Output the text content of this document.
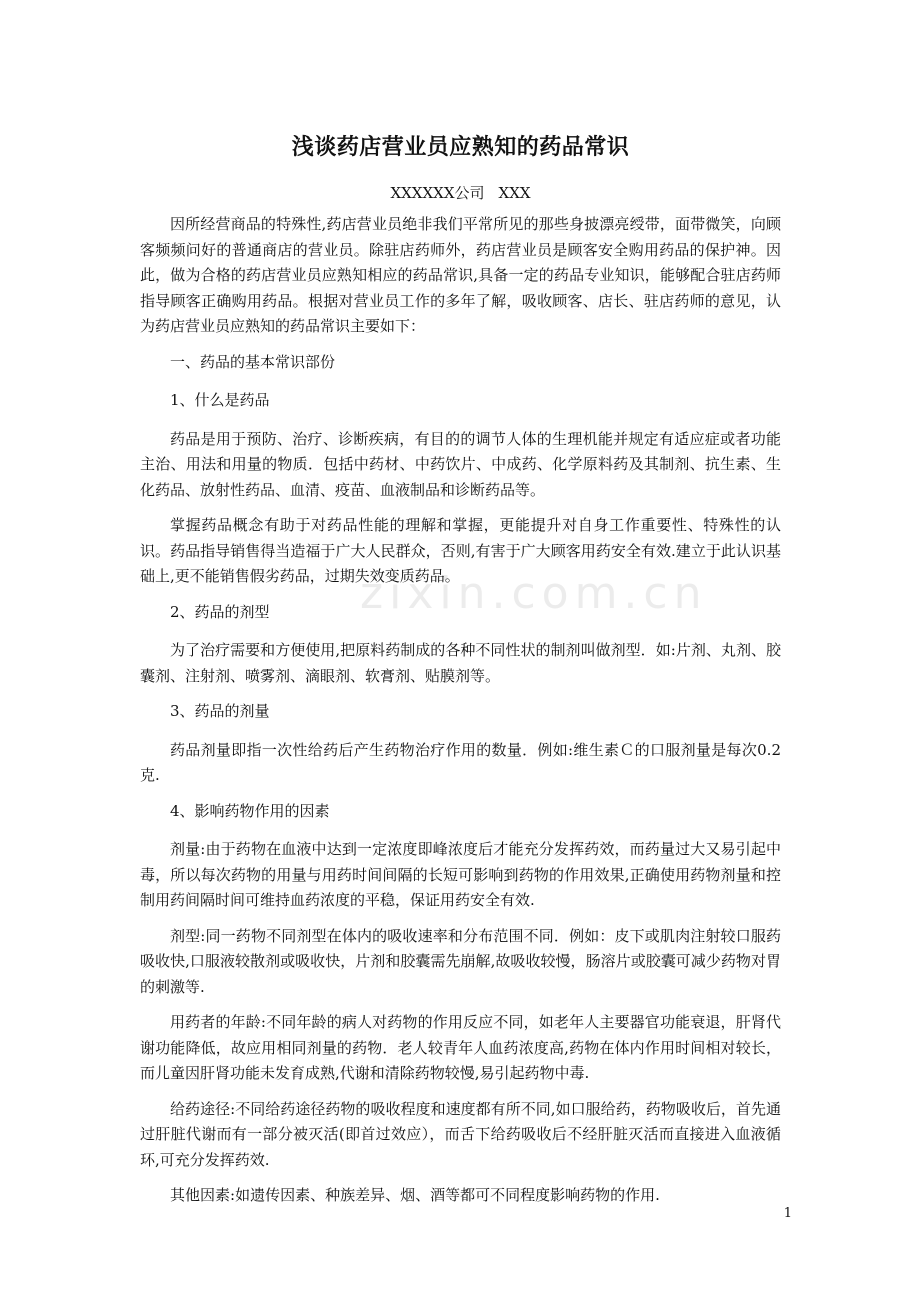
zixin.com.cn
浅谈药店营业员应熟知的药品常识
XXXXXX公司 XXX

因所经营商品的特殊性,药店营业员绝非我们平常所见的那些身披漂亮绶带，面带微笑，向顾客频频问好的普通商店的营业员。除驻店药师外，药店营业员是顾客安全购用药品的保护神。因此，做为合格的药店营业员应熟知相应的药品常识,具备一定的药品专业知识，能够配合驻店药师指导顾客正确购用药品。根据对营业员工作的多年了解，吸收顾客、店长、驻店药师的意见，认为药店营业员应熟知的药品常识主要如下：

一、药品的基本常识部份

1、什么是药品

药品是用于预防、治疗、诊断疾病，有目的的调节人体的生理机能并规定有适应症或者功能主治、用法和用量的物质．包括中药材、中药饮片、中成药、化学原料药及其制剂、抗生素、生化药品、放射性药品、血清、疫苗、血液制品和诊断药品等。

掌握药品概念有助于对药品性能的理解和掌握，更能提升对自身工作重要性、特殊性的认识。药品指导销售得当造福于广大人民群众，否则,有害于广大顾客用药安全有效.建立于此认识基础上,更不能销售假劣药品，过期失效变质药品。

2、药品的剂型

为了治疗需要和方便使用,把原料药制成的各种不同性状的制剂叫做剂型．如:片剂、丸剂、胶囊剂、注射剂、喷雾剂、滴眼剂、软膏剂、贴膜剂等。

3、药品的剂量

药品剂量即指一次性给药后产生药物治疗作用的数量．例如:维生素Ｃ的口服剂量是每次0.2克.

4、影响药物作用的因素

剂量:由于药物在血液中达到一定浓度即峰浓度后才能充分发挥药效，而药量过大又易引起中毒，所以每次药物的用量与用药时间间隔的长短可影响到药物的作用效果,正确使用药物剂量和控制用药间隔时间可维持血药浓度的平稳，保证用药安全有效.

剂型:同一药物不同剂型在体内的吸收速率和分布范围不同．例如：皮下或肌肉注射较口服药吸收快,口服液较散剂或吸收快，片剂和胶囊需先崩解,故吸收较慢，肠溶片或胶囊可减少药物对胃的刺激等.

用药者的年龄:不同年龄的病人对药物的作用反应不同，如老年人主要器官功能衰退，肝肾代谢功能降低，故应用相同剂量的药物．老人较青年人血药浓度高,药物在体内作用时间相对较长，而儿童因肝肾功能未发育成熟,代谢和清除药物较慢,易引起药物中毒.

给药途径:不同给药途径药物的吸收程度和速度都有所不同,如口服给药，药物吸收后，首先通过肝脏代谢而有一部分被灭活(即首过效应），而舌下给药吸收后不经肝脏灭活而直接进入血液循环,可充分发挥药效.

其他因素:如遗传因素、种族差异、烟、酒等都可不同程度影响药物的作用.

1
